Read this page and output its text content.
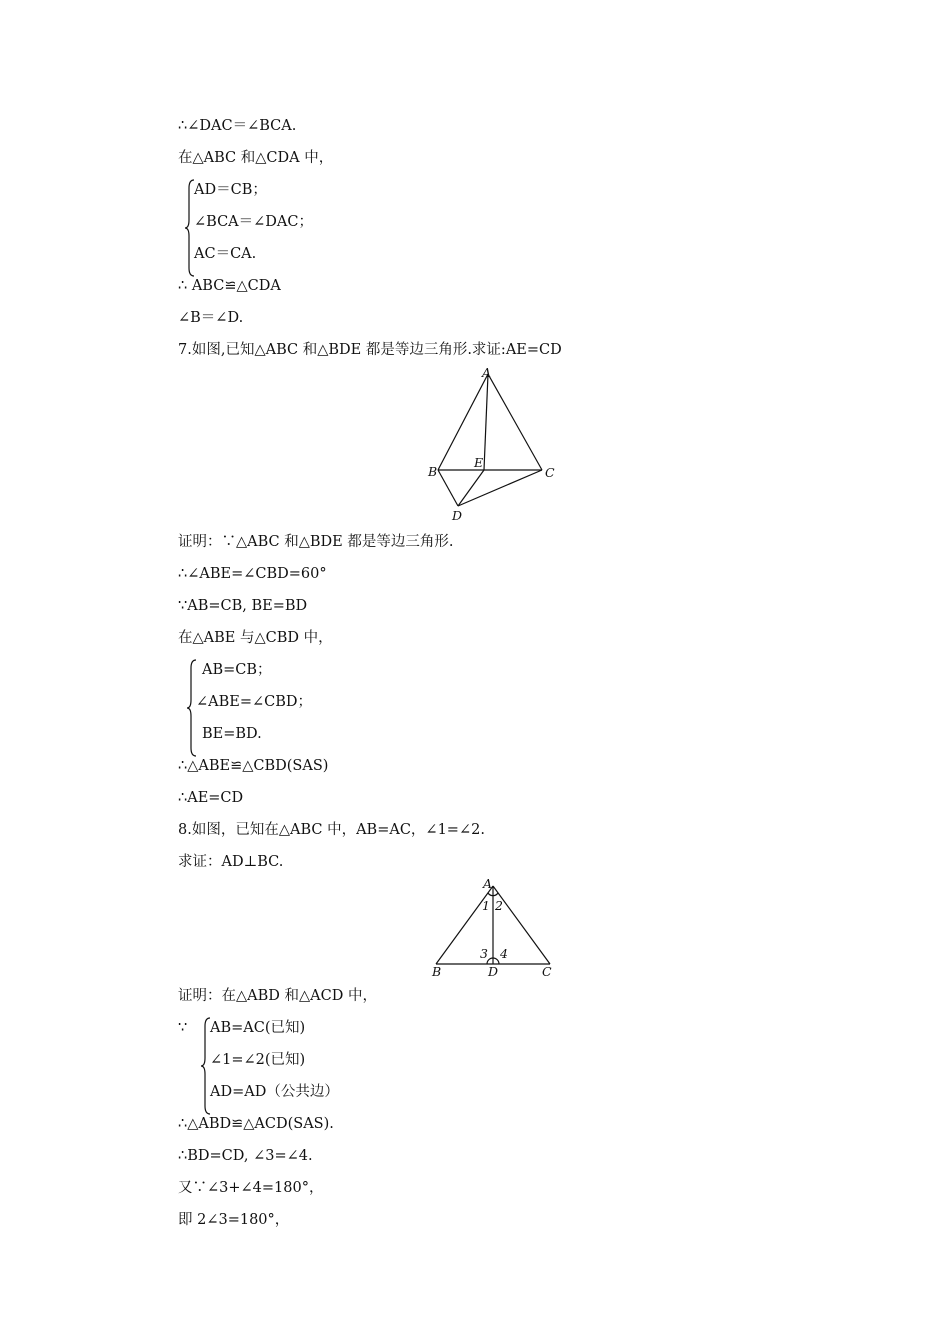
∴∠DAC＝∠BCA.
在△ABC 和△CDA 中，
AD＝CB；
∠BCA＝∠DAC；
AC＝CA.
∴ ABC≌△CDA
∠B＝∠D.
7.如图,已知△ABC 和△BDE 都是等边三角形.求证:AE=CD
A
B	C
D
E
证明：∵△ABC 和△BDE 都是等边三角形.
∴∠ABE=∠CBD=60°
∵AB=CB, BE=BD
在△ABE 与△CBD 中，
AB=CB；
∠ABE=∠CBD；
BE=BD.
∴△ABE≌△CBD(SAS)
∴AE=CD
8.如图，已知在△ABC 中，AB=AC，∠1=∠2.
求证：AD⊥BC.
A
B	C
D
1 2
3 4
证明：在△ABD 和△ACD 中，
∵ AB=AC(已知)
∠1=∠2(已知)
AD=AD（公共边）
∴△ABD≌△ACD(SAS).
∴BD=CD, ∠3=∠4.
又∵∠3+∠4=180°，
即 2∠3=180°，
